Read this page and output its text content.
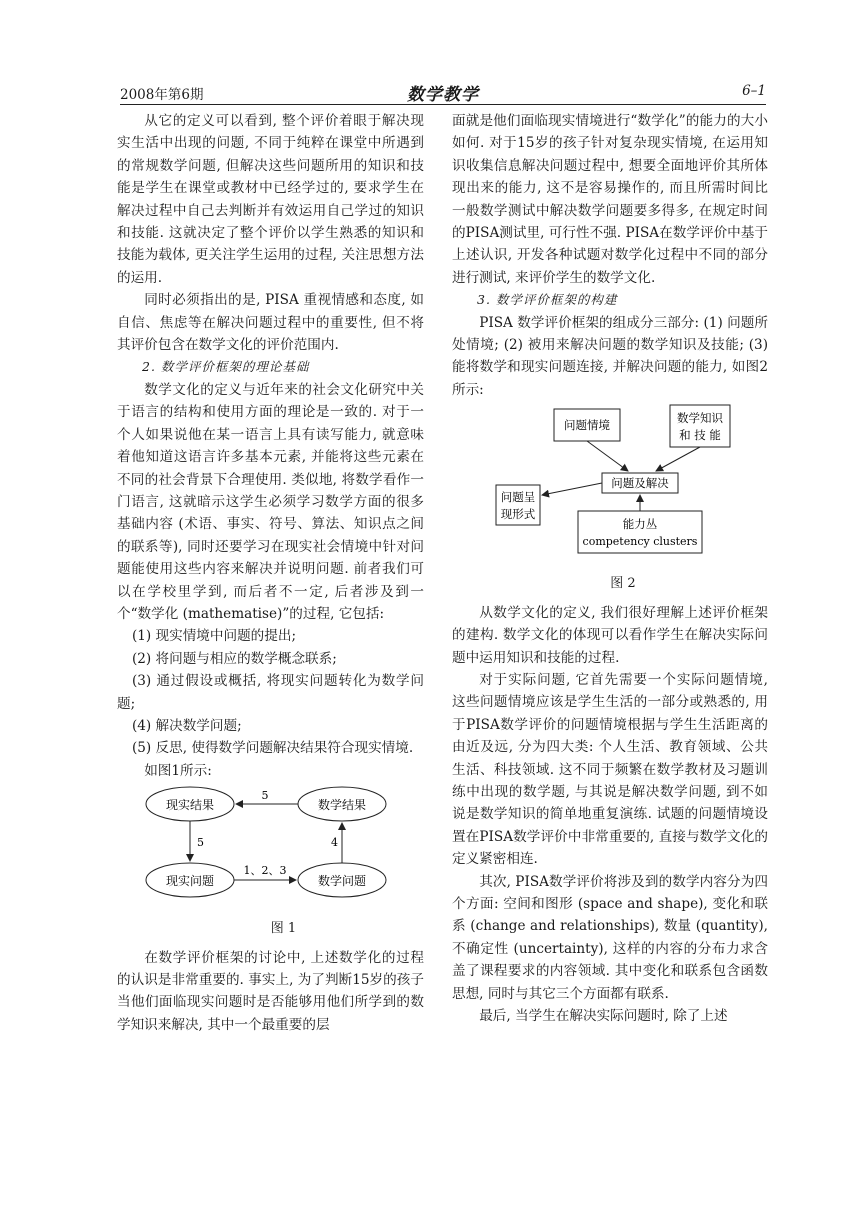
2008年第6期	数学教学	6–1

从它的定义可以看到, 整个评价着眼于解决现实生活中出现的问题, 不同于纯粹在课堂中所遇到的常规数学问题, 但解决这些问题所用的知识和技能是学生在课堂或教材中已经学过的, 要求学生在解决过程中自己去判断并有效运用自己学过的知识和技能. 这就决定了整个评价以学生熟悉的知识和技能为载体, 更关注学生运用的过程, 关注思想方法的运用.

同时必须指出的是, PISA 重视情感和态度, 如自信、焦虑等在解决问题过程中的重要性, 但不将其评价包含在数学文化的评价范围内.

2. 数学评价框架的理论基础

数学文化的定义与近年来的社会文化研究中关于语言的结构和使用方面的理论是一致的. 对于一个人如果说他在某一语言上具有读写能力, 就意味着他知道这语言许多基本元素, 并能将这些元素在不同的社会背景下合理使用. 类似地, 将数学看作一门语言, 这就暗示这学生必须学习数学方面的很多基础内容 (术语、事实、符号、算法、知识点之间的联系等), 同时还要学习在现实社会情境中针对问题能使用这些内容来解决并说明问题. 前者我们可以在学校里学到, 而后者不一定, 后者涉及到一个“数学化 (mathematise)”的过程, 它包括:

(1) 现实情境中问题的提出;

(2) 将问题与相应的数学概念联系;

(3) 通过假设或概括, 将现实问题转化为数学问题;

(4) 解决数学问题;

(5) 反思, 使得数学问题解决结果符合现实情境.

如图1所示:

现实结果	数学结果
现实问题	数学问题
5
5	4
1、2、3

图 1

在数学评价框架的讨论中, 上述数学化的过程的认识是非常重要的. 事实上, 为了判断15岁的孩子当他们面临现实问题时是否能够用他们所学到的数学知识来解决, 其中一个最重要的层

面就是他们面临现实情境进行“数学化”的能力的大小如何. 对于15岁的孩子针对复杂现实情境, 在运用知识收集信息解决问题过程中, 想要全面地评价其所体现出来的能力, 这不是容易操作的, 而且所需时间比一般数学测试中解决数学问题要多得多, 在规定时间的PISA测试里, 可行性不强. PISA在数学评价中基于上述认识, 开发各种试题对数学化过程中不同的部分进行测试, 来评价学生的数学文化.

3. 数学评价框架的构建

PISA 数学评价框架的组成分三部分: (1) 问题所处情境; (2) 被用来解决问题的数学知识及技能; (3) 能将数学和现实问题连接, 并解决问题的能力, 如图2所示:

问题情境	数学知识
和 技 能
问题及解决
问题呈
现形式
能力丛
competency clusters

图 2

从数学文化的定义, 我们很好理解上述评价框架的建构. 数学文化的体现可以看作学生在解决实际问题中运用知识和技能的过程.

对于实际问题, 它首先需要一个实际问题情境, 这些问题情境应该是学生生活的一部分或熟悉的, 用于PISA数学评价的问题情境根据与学生生活距离的由近及远, 分为四大类: 个人生活、教育领域、公共生活、科技领域. 这不同于频繁在数学教材及习题训练中出现的数学题, 与其说是解决数学问题, 到不如说是数学知识的简单地重复演练. 试题的问题情境设置在PISA数学评价中非常重要的, 直接与数学文化的定义紧密相连.

其次, PISA数学评价将涉及到的数学内容分为四个方面: 空间和图形 (space and shape), 变化和联系 (change and relationships), 数量 (quantity), 不确定性 (uncertainty), 这样的内容的分布力求含盖了课程要求的内容领域. 其中变化和联系包含函数思想, 同时与其它三个方面都有联系.

最后, 当学生在解决实际问题时, 除了上述
